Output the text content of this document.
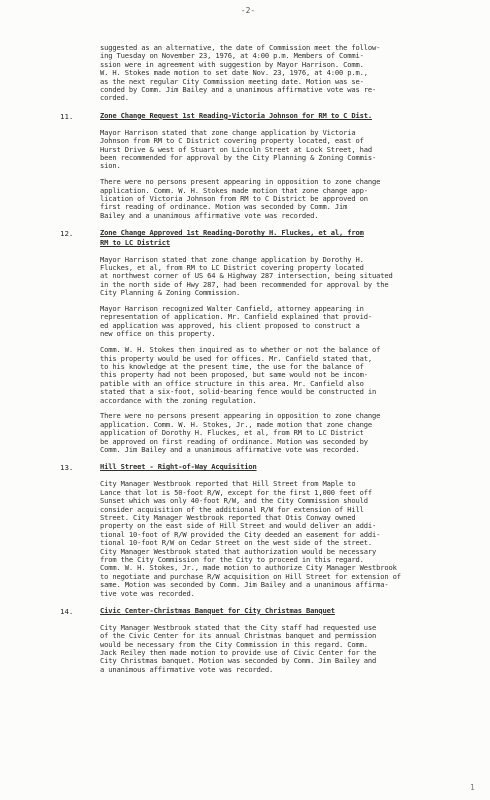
-2-
suggested as an alternative, the date of Commission meet the follow-
ing Tuesday on November 23, 1976, at 4:00 p.m. Members of Commi-
ssion were in agreement with suggestion by Mayor Harrison. Comm.
W. H. Stokes made motion to set date Nov. 23, 1976, at 4:00 p.m.,
as the next regular City Commission meeting date. Motion was se-
conded by Comm. Jim Bailey and a unanimous affirmative vote was re-
corded.
11.	Zone Change Request 1st Reading-Victoria Johnson for RM to C Dist.
Mayor Harrison stated that zone change application by Victoria
Johnson from RM to C District covering property located, east of
Hurst Drive & west of Stuart on Lincoln Street at Lock Street, had
been recommended for approval by the City Planning & Zoning Commis-
sion.
There were no persons present appearing in opposition to zone change
application. Comm. W. H. Stokes made motion that zone change app-
lication of Victoria Johnson from RM to C District be approved on
first reading of ordinance. Motion was seconded by Comm. Jim
Bailey and a unanimous affirmative vote was recorded.
12.	Zone Change Approved 1st Reading-Dorothy H. Fluckes, et al, from
RM to LC District
Mayor Harrison stated that zone change application by Dorothy H.
Fluckes, et al, from RM to LC District covering property located
at northwest corner of US 64 & Highway 287 intersection, being situated
in the north side of Hwy 287, had been recommended for approval by the
City Planning & Zoning Commission.
Mayor Harrison recognized Walter Canfield, attorney appearing in
representation of application. Mr. Canfield explained that provid-
ed application was approved, his client proposed to construct a
new office on this property.
Comm. W. H. Stokes then inquired as to whether or not the balance of
this property would be used for offices. Mr. Canfield stated that,
to his knowledge at the present time, the use for the balance of
this property had not been proposed, but same would not be incom-
patible with an office structure in this area. Mr. Canfield also
stated that a six-foot, solid-bearing fence would be constructed in
accordance with the zoning regulation.
There were no persons present appearing in opposition to zone change
application. Comm. W. H. Stokes, Jr., made motion that zone change
application of Dorothy H. Fluckes, et al, from RM to LC District
be approved on first reading of ordinance. Motion was seconded by
Comm. Jim Bailey and a unanimous affirmative vote was recorded.
13.	Hill Street - Right-of-Way Acquisition
City Manager Westbrook reported that Hill Street from Maple to
Lance that lot is 50-foot R/W, except for the first 1,000 feet off
Sunset which was only 40-foot R/W, and the City Commission should
consider acquisition of the additional R/W for extension of Hill
Street. City Manager Westbrook reported that Otis Conway owned
property on the east side of Hill Street and would deliver an addi-
tional 10-foot of R/W provided the City deeded an easement for addi-
tional 10-foot R/W on Cedar Street on the west side of the street.
City Manager Westbrook stated that authorization would be necessary
from the City Commission for the City to proceed in this regard.
Comm. W. H. Stokes, Jr., made motion to authorize City Manager Westbrook
to negotiate and purchase R/W acquisition on Hill Street for extension of
same. Motion was seconded by Comm. Jim Bailey and a unanimous affirma-
tive vote was recorded.
14.	Civic Center-Christmas Banquet for City Christmas Banquet
City Manager Westbrook stated that the City staff had requested use
of the Civic Center for its annual Christmas banquet and permission
would be necessary from the City Commission in this regard. Comm.
Jack Reiley then made motion to provide use of Civic Center for the
City Christmas banquet. Motion was seconded by Comm. Jim Bailey and
a unanimous affirmative vote was recorded.
1
